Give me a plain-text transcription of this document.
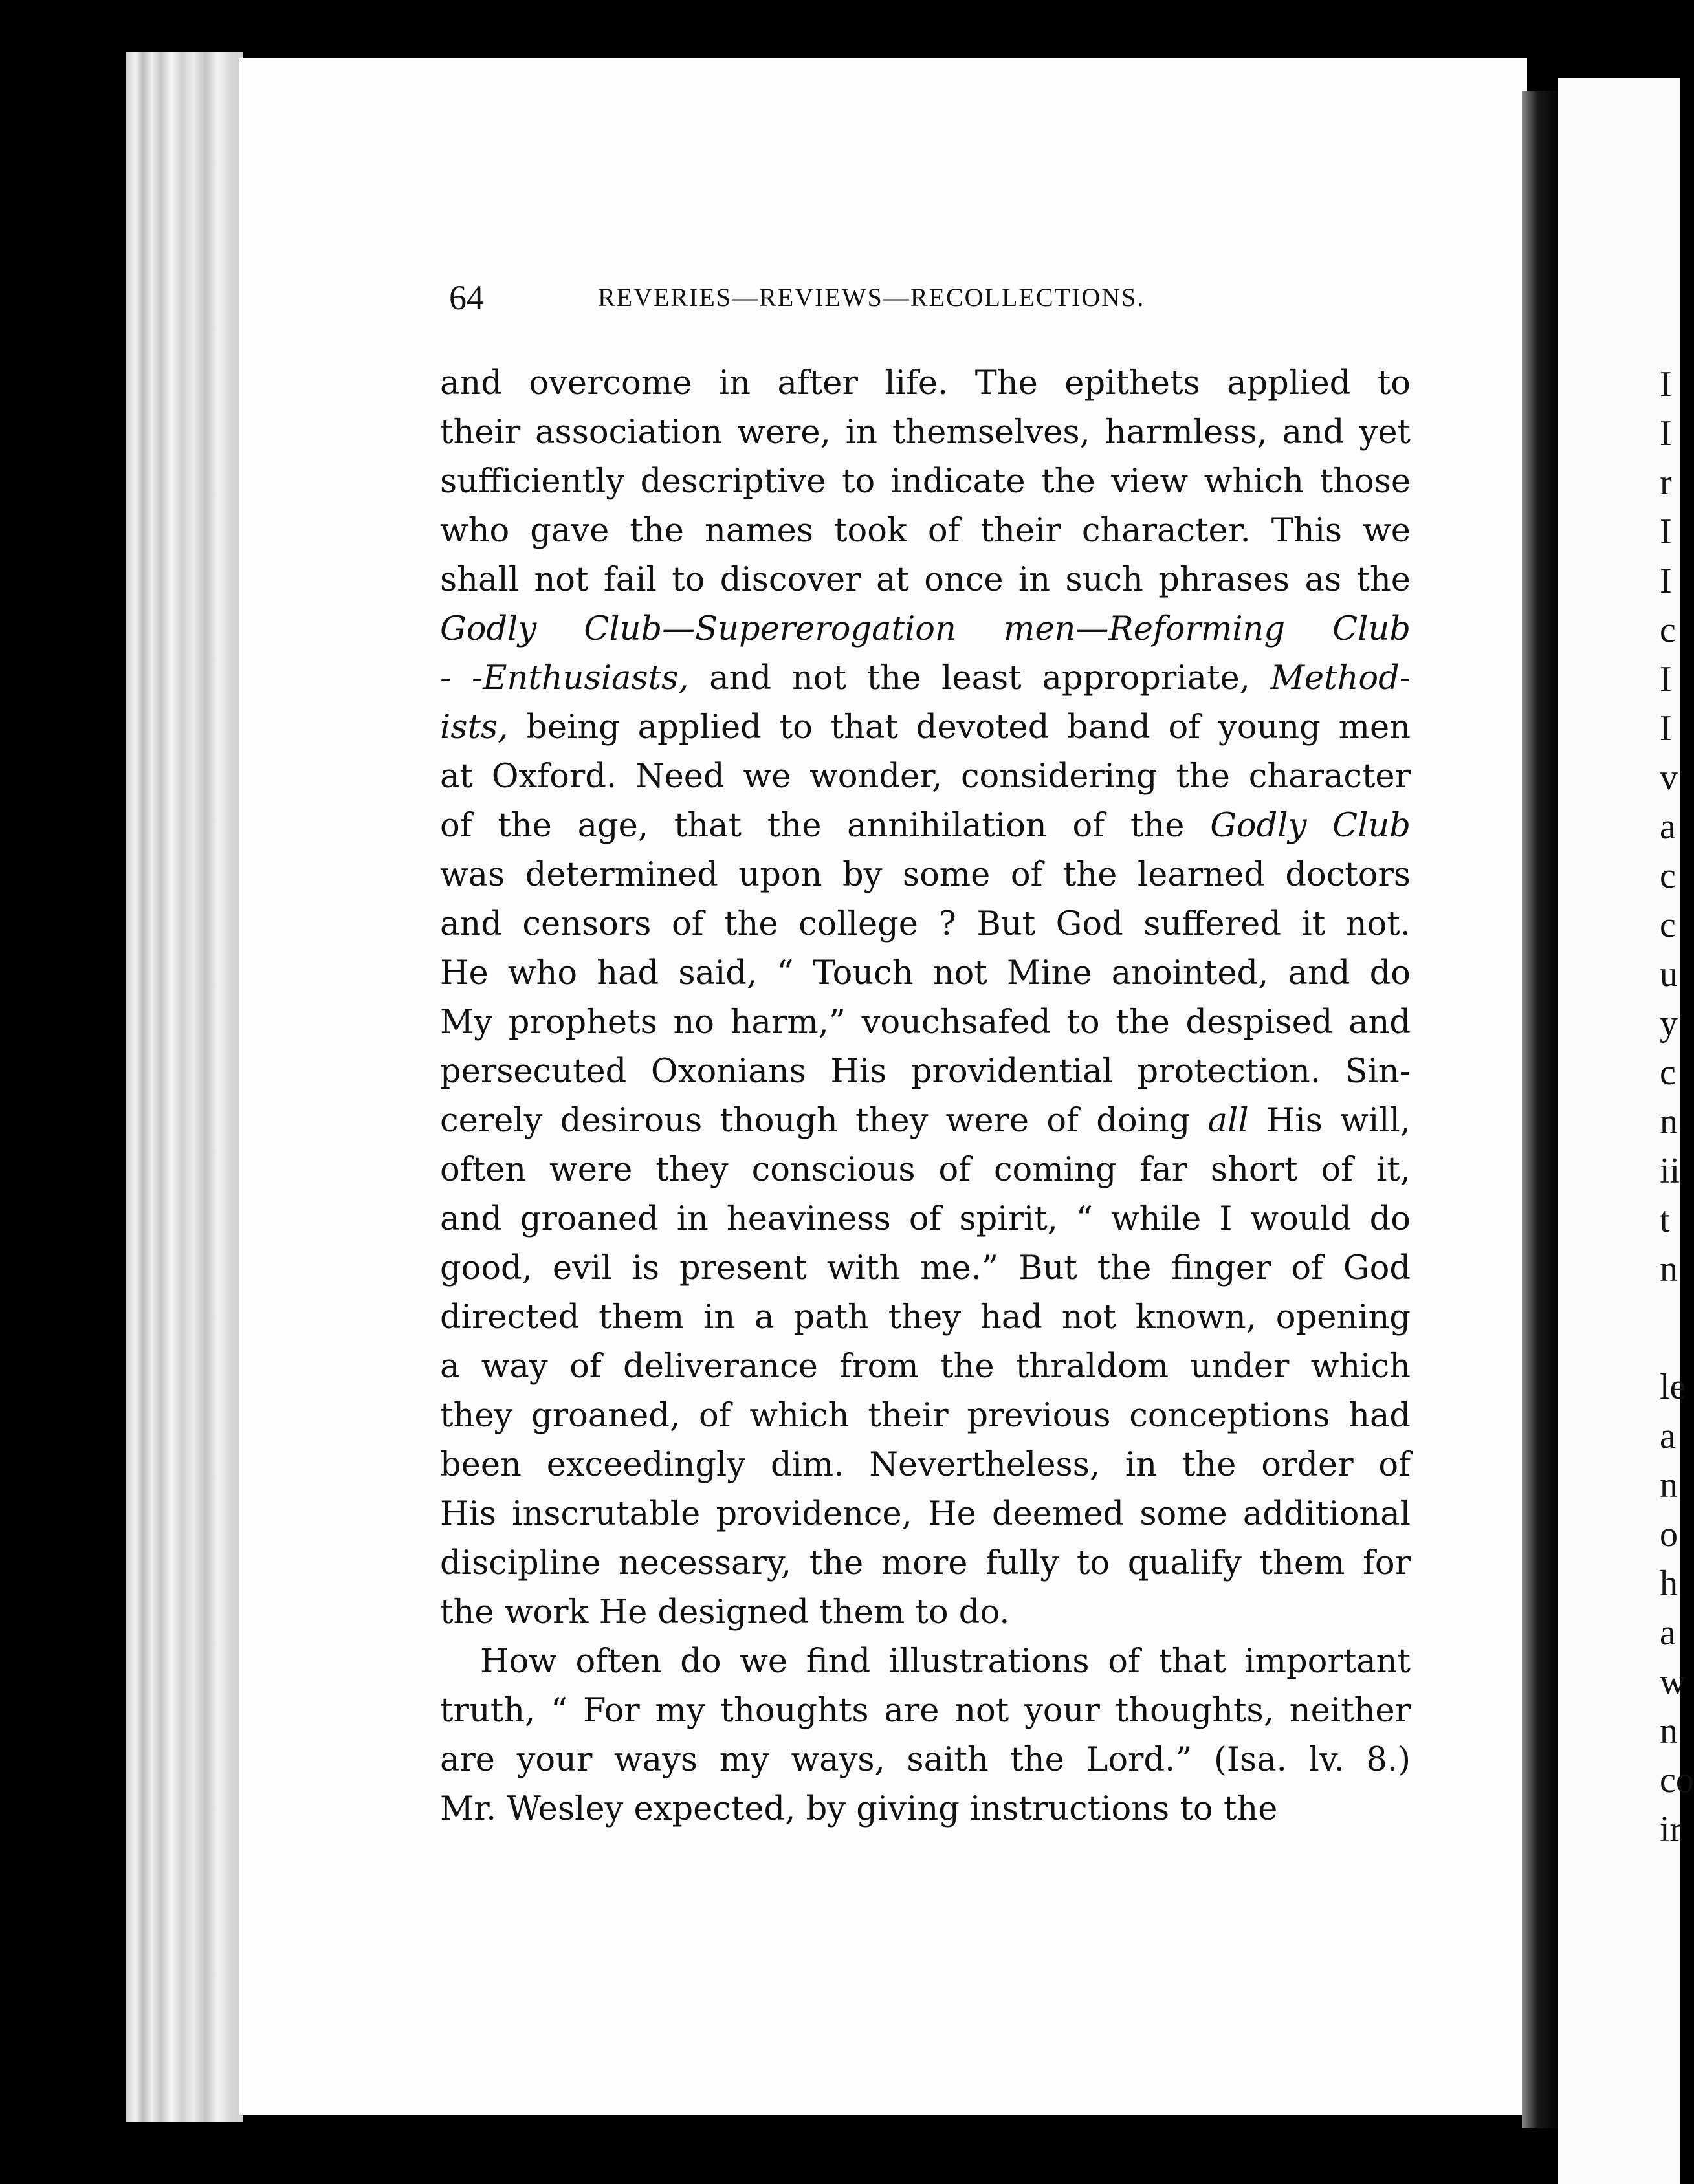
I
I
r
I
I
c
I
I
v
a
c
c
u
y
c
n
ii
t
n
le
a
n
o
h
a
w
n
co
ir
64	REVERIES—REVIEWS—RECOLLECTIONS.
and overcome in after life. The epithets applied to
their association were, in themselves, harmless, and yet
sufficiently descriptive to indicate the view which those
who gave the names took of their character. This we
shall not fail to discover at once in such phrases as the
Godly Club—Supererogation men—Reforming Club
- -Enthusiasts, and not the least appropriate, Method-
ists, being applied to that devoted band of young men
at Oxford. Need we wonder, considering the character
of the age, that the annihilation of the Godly Club
was determined upon by some of the learned doctors
and censors of the college ? But God suffered it not.
He who had said, “ Touch not Mine anointed, and do
My prophets no harm,” vouchsafed to the despised and
persecuted Oxonians His providential protection. Sin-
cerely desirous though they were of doing all His will,
often were they conscious of coming far short of it,
and groaned in heaviness of spirit, “ while I would do
good, evil is present with me.” But the finger of God
directed them in a path they had not known, opening
a way of deliverance from the thraldom under which
they groaned, of which their previous conceptions had
been exceedingly dim. Nevertheless, in the order of
His inscrutable providence, He deemed some additional
discipline necessary, the more fully to qualify them for
the work He designed them to do.
How often do we find illustrations of that important
truth, “ For my thoughts are not your thoughts, neither
are your ways my ways, saith the Lord.” (Isa. lv. 8.)
Mr. Wesley expected, by giving instructions to the
